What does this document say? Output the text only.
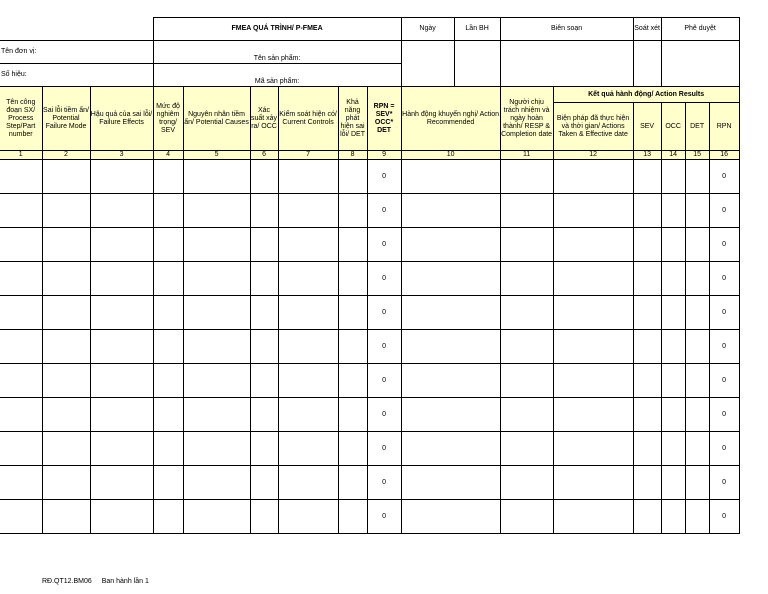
			FMEA QUÁ TRÌNH/ P-FMEA						Ngày	Lần BH	Biên soạn		Soát xét	Phê duyệt		
Tên đơn vị:			Tên sản phẩm:													
Số hiệu:			Mã sản phẩm:													
Tên công đoạn SX/ Process Step/Part number	Sai lỗi tiềm ẩn/ Potential Failure Mode	Hậu quả của sai lỗi/ Failure Effects	Mức độ nghiêm trọng/ SEV	Nguyên nhân tiềm ẩn/ Potential Causes	Xác suất xảy ra/ OCC	Kiểm soát hiện có/ Current Controls	Khả năng phát hiện sai lỗi/ DET	RPN = SEV* OCC* DET	Hành động khuyến nghị/ Action Recommended		Người chịu trách nhiệm và ngày hoàn thành/ RESP & Completion date	Kết quả hành động/ Action Results				
												Biện pháp đã thực hiện và thời gian/ Actions Taken & Effective date	SEV	OCC	DET	RPN
1	2	3	4	5	6	7	8	9	10		11	12	13	14	15	16
								0								0
								0								0
								0								0
								0								0
								0								0
								0								0
								0								0
								0								0
								0								0
								0								0
								0								0
RĐ.QT12.BM06 Ban hành lần 1
